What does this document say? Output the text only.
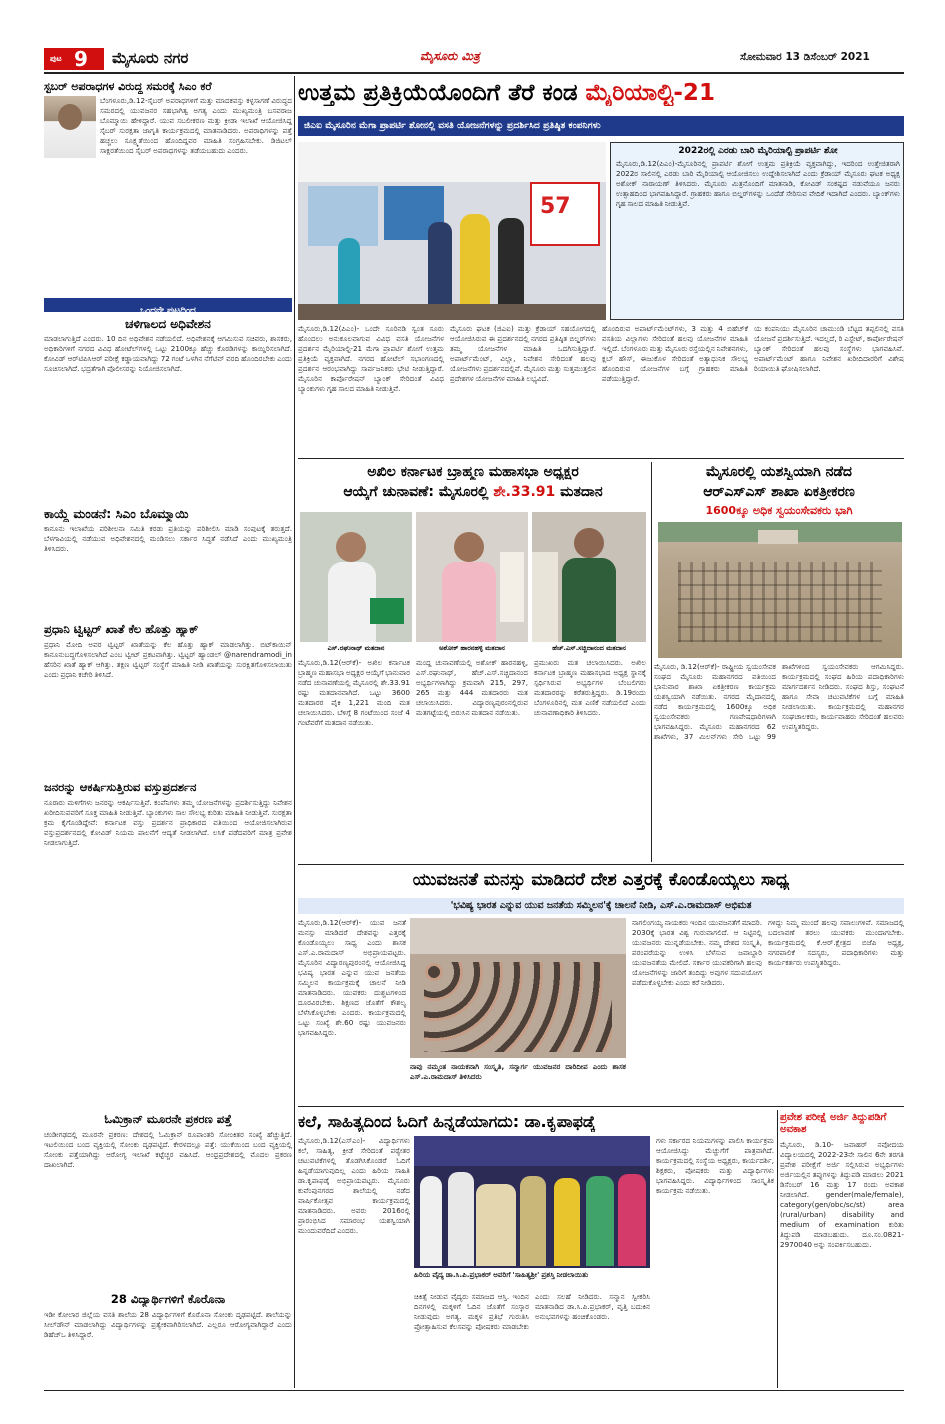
ಪುಟ 9 ಮೈಸೂರು ನಗರ	ಮೈಸೂರು ಮಿತ್ರ	ಸೋಮವಾರ 13 ಡಿಸೆಂಬರ್ 2021
ಸ್ಟಬರ್ ಅಪರಾಧಗಳ ವಿರುದ್ಧ ಸಮರಕ್ಕೆ ಸಿಎಂ ಕರೆ
ಬೆಂಗಳೂರು,ಡಿ.12-ಸೈಬರ್ ಅಪರಾಧಗಳಿಗೆ ಮತ್ತು ಮಾದಕವಸ್ತು ಕಳ್ಳಸಾಗಣೆ ವಿರುದ್ಧದ ಸಮರದಲ್ಲಿ ಯುವಜನರ ಸಹಭಾಗಿತ್ವ ಅಗತ್ಯ ಎಂದು ಮುಖ್ಯಮಂತ್ರಿ ಬಸವರಾಜ ಬೊಮ್ಮಾಯಿ ಹೇಳಿದ್ದಾರೆ. ಯುವ ಸಬಲೀಕರಣ ಮತ್ತು ಕ್ರೀಡಾ ಇಲಾಖೆ ಆಯೋಜಿಸಿದ್ದ ಸೈಬರ್ ಸುರಕ್ಷತಾ ಜಾಗೃತಿ ಕಾರ್ಯಕ್ರಮದಲ್ಲಿ ಮಾತನಾಡಿದರು. ಅಪರಾಧಿಗಳನ್ನು ಪತ್ತೆ ಹಚ್ಚಲು ಸೂಕ್ಷ್ಮತೆಯಿಂದ ಹೊಂದಿದ್ದವರ ಮಾಹಿತಿ ಸಂಗ್ರಹಿಸಬೇಕು. ಡಿಜಿಟಲ್ ಸಾಕ್ಷರತೆಯಿಂದ ಸೈಬರ್ ಅಪರಾಧಗಳನ್ನು ತಡೆಯಬಹುದು ಎಂದರು.
ಒಂದನೇ ಪುಟದಿಂದ
ಚಳಿಗಾಲದ ಅಧಿವೇಶನ
ಮಾಡಲಾಗುತ್ತಿದೆ ಎಂದರು. 10 ದಿನ ಅಧಿವೇಶನ ನಡೆಯಲಿದೆ. ಅಧಿವೇಶನಕ್ಕೆ ಆಗಮಿಸುವ ಸಚಿವರು, ಶಾಸಕರು, ಅಧಿಕಾರಿಗಳಿಗೆ ನಗರದ ವಿವಿಧ ಹೋಟೆಲ್‌ಗಳಲ್ಲಿ ಒಟ್ಟು 2100ಕ್ಕೂ ಹೆಚ್ಚು ಕೊಠಡಿಗಳನ್ನು ಕಾಯ್ದಿರಿಸಲಾಗಿದೆ. ಕೋವಿಡ್ ಆರ್‌ಟಿಪಿಸಿಆರ್ ಪರೀಕ್ಷೆ ಕಡ್ಡಾಯವಾಗಿದ್ದು 72 ಗಂಟೆ ಒಳಗಿನ ನೆಗೆಟಿವ್ ವರದಿ ಹೊಂದಿರಬೇಕು ಎಂದು ಸೂಚಿಸಲಾಗಿದೆ. ಭದ್ರತೆಗಾಗಿ ಪೊಲೀಸರನ್ನು ನಿಯೋಜಿಸಲಾಗಿದೆ.
ಕಾಯ್ದೆ ಮಂಡನೆ: ಸಿಎಂ ಬೊಮ್ಮಾಯಿ
ಕಾನೂನು ಇಲಾಖೆಯ ಪರಿಶೀಲನಾ ಸಮಿತಿ ಕರಡು ಪ್ರತಿಯನ್ನು ಪರಿಶೀಲಿಸಿ ಮಾಡಿ ಸಂಪುಟಕ್ಕೆ ತರುತ್ತದೆ. ಬೆಳಗಾವಿಯಲ್ಲಿ ನಡೆಯುವ ಅಧಿವೇಶನದಲ್ಲಿ ಮಂಡಿಸಲು ಸರ್ಕಾರ ಸಿದ್ಧತೆ ನಡೆಸಿದೆ ಎಂದು ಮುಖ್ಯಮಂತ್ರಿ ತಿಳಿಸಿದರು.
ಪ್ರಧಾನಿ ಟ್ವಿಟ್ಟರ್ ಖಾತೆ ಕೆಲ ಹೊತ್ತು ಹ್ಯಾಕ್
ಪ್ರಧಾನಿ ಮೋದಿ ಅವರ ಟ್ವಿಟ್ಟರ್ ಖಾತೆಯನ್ನು ಕೆಲ ಹೊತ್ತು ಹ್ಯಾಕ್ ಮಾಡಲಾಗಿತ್ತು. ಬಿಟ್‌ಕಾಯಿನ್ ಕಾನೂನುಬದ್ಧಗೊಳಿಸಲಾಗಿದೆ ಎಂಬ ಟ್ವೀಟ್ ಪ್ರಕಟವಾಗಿತ್ತು. ಟ್ವಿಟ್ಟರ್ ಹ್ಯಾಂಡಲ್ @narendramodi_in ಹೆಸರಿನ ಖಾತೆ ಹ್ಯಾಕ್ ಆಗಿತ್ತು. ತಕ್ಷಣ ಟ್ವಿಟ್ಟರ್ ಸಂಸ್ಥೆಗೆ ಮಾಹಿತಿ ನೀಡಿ ಖಾತೆಯನ್ನು ಸುರಕ್ಷಿತಗೊಳಿಸಲಾಯಿತು ಎಂದು ಪ್ರಧಾನಿ ಕಚೇರಿ ತಿಳಿಸಿದೆ.
ಜನರನ್ನು ಆಕರ್ಷಿಸುತ್ತಿರುವ ವಸ್ತುಪ್ರದರ್ಶನ
ನೂರಾರು ಮಳಿಗೆಗಳು ಜನರನ್ನು ಆಕರ್ಷಿಸುತ್ತಿವೆ. ಕಂಪೆನಿಗಳು ತಮ್ಮ ಯೋಜನೆಗಳನ್ನು ಪ್ರದರ್ಶಿಸುತ್ತಿದ್ದು ನಿವೇಶನ ಖರೀದಿಸುವವರಿಗೆ ಸೂಕ್ತ ಮಾಹಿತಿ ನೀಡುತ್ತಿವೆ. ಬ್ಯಾಂಕುಗಳು ಸಾಲ ಸೌಲಭ್ಯ ಕುರಿತು ಮಾಹಿತಿ ನೀಡುತ್ತಿವೆ. ಸುರಕ್ಷತಾ ಕ್ರಮ ಕೈಗೊಂಡಿದ್ದೇವೆ: ಕರ್ನಾಟಕ ವಸ್ತು ಪ್ರದರ್ಶನ ಪ್ರಾಧಿಕಾರದ ವತಿಯಿಂದ ಆಯೋಜಿಸಲಾಗಿರುವ ವಸ್ತುಪ್ರದರ್ಶನದಲ್ಲಿ ಕೋವಿಡ್ ನಿಯಮ ಪಾಲನೆಗೆ ಆದ್ಯತೆ ನೀಡಲಾಗಿದೆ. ಲಸಿಕೆ ಪಡೆದವರಿಗೆ ಮಾತ್ರ ಪ್ರವೇಶ ನೀಡಲಾಗುತ್ತಿದೆ.
ಓಮಿಕ್ರಾನ್ ಮೂರನೇ ಪ್ರಕರಣ ಪತ್ತೆ
ಚಂಡೀಗಢದಲ್ಲಿ ಮೂರನೇ ಪ್ರಕರಣ: ದೇಶದಲ್ಲಿ ಓಮಿಕ್ರಾನ್ ರೂಪಾಂತರಿ ಸೋಂಕಿತರ ಸಂಖ್ಯೆ ಹೆಚ್ಚುತ್ತಿದೆ. ಇಟಲಿಯಿಂದ ಬಂದ ವ್ಯಕ್ತಿಯಲ್ಲಿ ಸೋಂಕು ದೃಢಪಟ್ಟಿದೆ. ಕೇರಳದಲ್ಲೂ ಪತ್ತೆ: ಯುಕೆಯಿಂದ ಬಂದ ವ್ಯಕ್ತಿಯಲ್ಲಿ ಸೋಂಕು ಪತ್ತೆಯಾಗಿದ್ದು ಆರೋಗ್ಯ ಇಲಾಖೆ ಕಟ್ಟೆಚ್ಚರ ವಹಿಸಿದೆ. ಆಂಧ್ರಪ್ರದೇಶದಲ್ಲಿ ಮೊದಲ ಪ್ರಕರಣ ದಾಖಲಾಗಿದೆ.
28 ವಿದ್ಯಾರ್ಥಿಗಳಿಗೆ ಕೊರೊನಾ
ಇಡೀ ಕೋಲಾರ ಜಿಲ್ಲೆಯ ವಸತಿ ಶಾಲೆಯ 28 ವಿದ್ಯಾರ್ಥಿಗಳಿಗೆ ಕೊರೊನಾ ಸೋಂಕು ದೃಢಪಟ್ಟಿದೆ. ಶಾಲೆಯನ್ನು ಸೀಲ್‌ಡೌನ್ ಮಾಡಲಾಗಿದ್ದು ವಿದ್ಯಾರ್ಥಿಗಳನ್ನು ಪ್ರತ್ಯೇಕವಾಗಿರಿಸಲಾಗಿದೆ. ಎಲ್ಲರೂ ಆರೋಗ್ಯವಾಗಿದ್ದಾರೆ ಎಂದು ಡಿಹೆಚ್‌ಒ ತಿಳಿಸಿದ್ದಾರೆ.
ಉತ್ತಮ ಪ್ರತಿಕ್ರಿಯೆಯೊಂದಿಗೆ ತೆರೆ ಕಂಡ ಮೈರಿಯಾಲ್ಟಿ-21
ಜಿಎಐ ಮೈಸೂರಿನ ಮೆಗಾ ಪ್ರಾಪರ್ಟಿ ಶೋನಲ್ಲಿ ವಸತಿ ಯೋಜನೆಗಳನ್ನು ಪ್ರದರ್ಶಿಸಿದ ಪ್ರತಿಷ್ಠಿತ ಕಂಪನಿಗಳು
57
2022ರಲ್ಲಿ ಎರಡು ಬಾರಿ ಮೈರಿಯಾಲ್ಟಿ ಪ್ರಾಪರ್ಟಿ ಶೋ
ಮೈಸೂರು,ಡಿ.12(ಪಿಎಂ)-ಮೈಸೂರಿನಲ್ಲಿ ಪ್ರಾಪರ್ಟಿ ಶೋಗೆ ಉತ್ತಮ ಪ್ರತಿಕ್ರಿಯೆ ವ್ಯಕ್ತವಾಗಿದ್ದು, ಇದರಿಂದ ಉತ್ತೇಜಿತರಾಗಿ 2022ರ ಸಾಲಿನಲ್ಲಿ ಎರಡು ಬಾರಿ ಮೈರಿಯಾಲ್ಟಿ ಆಯೋಜಿಸಲು ಉದ್ದೇಶಿಸಲಾಗಿದೆ ಎಂದು ಕ್ರೆಡಾಯ್ ಮೈಸೂರು ಘಟಕ ಅಧ್ಯಕ್ಷ ಅಶೋಕ್ ನಾರಾಯಣ್ ತಿಳಿಸಿದರು. ಮೈಸೂರು ಮಿತ್ರನೊಂದಿಗೆ ಮಾತನಾಡಿ, ಕೋವಿಡ್ ಸಂಕಷ್ಟದ ನಡುವೆಯೂ ಜನರು ಉತ್ಸಾಹದಿಂದ ಭಾಗವಹಿಸಿದ್ದಾರೆ. ಗ್ರಾಹಕರು ಹಾಗೂ ಬಿಲ್ಡರ್‌ಗಳನ್ನು ಒಂದೆಡೆ ಸೇರಿಸುವ ವೇದಿಕೆ ಇದಾಗಿದೆ ಎಂದರು. ಬ್ಯಾಂಕ್‌ಗಳು ಗೃಹ ಸಾಲದ ಮಾಹಿತಿ ನೀಡುತ್ತಿವೆ.
ಮೈಸೂರು,ಡಿ.12(ಪಿಎಂ)- ಒಂದೇ ಸೂರಿನಡಿ ಸ್ವಂತ ಸೂರು ಹೊಂದಲು ಅನುಕೂಲವಾಗುವ ವಿವಿಧ ವಸತಿ ಯೋಜನೆಗಳ ಪ್ರದರ್ಶನ ಮೈರಿಯಾಲ್ಟಿ-21 ಮೆಗಾ ಪ್ರಾಪರ್ಟಿ ಶೋಗೆ ಉತ್ತಮ ಪ್ರತಿಕ್ರಿಯೆ ವ್ಯಕ್ತವಾಗಿದೆ. ನಗರದ ಹೋಟೆಲ್ ಸಭಾಂಗಣದಲ್ಲಿ ಪ್ರದರ್ಶನ ಆರಂಭವಾಗಿದ್ದು ಸಾರ್ವಜನಿಕರು ಭೇಟಿ ನೀಡುತ್ತಿದ್ದಾರೆ. ಮೈಸೂರಿನ ಕಾರ್ಪೊರೇಷನ್ ಬ್ಯಾಂಕ್ ಸೇರಿದಂತೆ ವಿವಿಧ ಬ್ಯಾಂಕುಗಳು ಗೃಹ ಸಾಲದ ಮಾಹಿತಿ ನೀಡುತ್ತಿವೆ.
ಮೈಸೂರು ಘಟಕ (ಜಿಎಐ) ಮತ್ತು ಕ್ರೆಡಾಯ್ ಸಹಯೋಗದಲ್ಲಿ ಆಯೋಜಿಸಿರುವ ಈ ಪ್ರದರ್ಶನದಲ್ಲಿ ನಗರದ ಪ್ರತಿಷ್ಠಿತ ಬಿಲ್ಡರ್‌ಗಳು ತಮ್ಮ ಯೋಜನೆಗಳ ಮಾಹಿತಿ ಒದಗಿಸುತ್ತಿದ್ದಾರೆ. ಅಪಾರ್ಟ್‌ಮೆಂಟ್, ವಿಲ್ಲಾ, ನಿವೇಶನ ಸೇರಿದಂತೆ ಹಲವು ಯೋಜನೆಗಳು ಪ್ರದರ್ಶನದಲ್ಲಿವೆ. ಮೈಸೂರು ಮತ್ತು ಸುತ್ತಮುತ್ತಲಿನ ಪ್ರದೇಶಗಳ ಯೋಜನೆಗಳ ಮಾಹಿತಿ ಲಭ್ಯವಿದೆ.
ಹೊಂದಿರುವ ಅಪಾರ್ಟ್‌ಮೆಂಟ್‌ಗಳು, 3 ಮತ್ತು 4 ಬಿಹೆಚ್‌ಕೆ ವಸತಿಯ ವಿಲ್ಲಾಗಳು ಸೇರಿದಂತೆ ಹಲವು ಯೋಜನೆಗಳ ಮಾಹಿತಿ ಇಲ್ಲಿದೆ. ಬೆಂಗಳೂರು ಮತ್ತು ಮೈಸೂರು ರಸ್ತೆಯಲ್ಲಿನ ನಿವೇಶನಗಳು, ಕ್ಲಬ್ ಹೌಸ್, ಈಜುಕೊಳ ಸೇರಿದಂತೆ ಅತ್ಯಾಧುನಿಕ ಸೌಲಭ್ಯ ಹೊಂದಿರುವ ಯೋಜನೆಗಳ ಬಗ್ಗೆ ಗ್ರಾಹಕರು ಮಾಹಿತಿ ಪಡೆಯುತ್ತಿದ್ದಾರೆ.
ಯ ಕಂಪನಿಯು ಮೈಸೂರಿನ ಚಾಮುಂಡಿ ಬೆಟ್ಟದ ತಪ್ಪಲಿನಲ್ಲಿ ವಸತಿ ಯೋಜನೆ ಪ್ರದರ್ಶಿಸುತ್ತಿದೆ. ಇದಲ್ಲದೆ, ರಿ ಎಸ್ಟೇಟ್, ಕಾರ್ಪೋರೇಷನ್ ಬ್ಯಾಂಕ್ ಸೇರಿದಂತೆ ಹಲವು ಸಂಸ್ಥೆಗಳು ಭಾಗವಹಿಸಿವೆ. ಅಪಾರ್ಟ್‌ಮೆಂಟ್ ಹಾಗೂ ನಿವೇಶನ ಖರೀದಿದಾರರಿಗೆ ವಿಶೇಷ ರಿಯಾಯಿತಿ ಘೋಷಿಸಲಾಗಿದೆ.
ಅಖಿಲ ಕರ್ನಾಟಕ ಬ್ರಾಹ್ಮಣ ಮಹಾಸಭಾ ಅಧ್ಯಕ್ಷರ
ಆಯ್ಕೆಗೆ ಚುನಾವಣೆ: ಮೈಸೂರಲ್ಲಿ ಶೇ.33.91 ಮತದಾನ
ಎಸ್.ರಘುನಾಥ್ ಮತದಾನ	ಅಶೋಕ್ ಹಾರನಹಳ್ಳಿ ಮತದಾನ	ಹೆಚ್.ಎಸ್.ಸಚ್ಚಿದಾನಂದ ಮತದಾನ
ಮೈಸೂರು,ಡಿ.12(ಆರ್‌ಕೆ)- ಅಖಿಲ ಕರ್ನಾಟಕ ಬ್ರಾಹ್ಮಣ ಮಹಾಸಭಾ ಅಧ್ಯಕ್ಷರ ಆಯ್ಕೆಗೆ ಭಾನುವಾರ ನಡೆದ ಚುನಾವಣೆಯಲ್ಲಿ ಮೈಸೂರಲ್ಲಿ ಶೇ.33.91 ರಷ್ಟು ಮತದಾನವಾಗಿದೆ. ಒಟ್ಟು 3600 ಮತದಾರರ ಪೈಕಿ 1,221 ಮಂದಿ ಮತ ಚಲಾಯಿಸಿದರು. ಬೆಳಿಗ್ಗೆ 8 ಗಂಟೆಯಿಂದ ಸಂಜೆ 4 ಗಂಟೆವರೆಗೆ ಮತದಾನ ನಡೆಯಿತು.
ಮಂದ್ದ ಚುನಾವಣೆಯಲ್ಲಿ ಅಶೋಕ್ ಹಾರನಹಳ್ಳಿ, ಎಸ್.ರಘುನಾಥ್, ಹೆಚ್.ಎಸ್.ಸಚ್ಚಿದಾನಂದ ಅಭ್ಯರ್ಥಿಗಳಾಗಿದ್ದು ಕ್ರಮವಾಗಿ 215, 297, 265 ಮತ್ತು 444 ಮತದಾರರು ಮತ ಚಲಾಯಿಸಿದರು. ವಿದ್ಯಾರಣ್ಯಪುರಂನಲ್ಲಿರುವ ಮತಗಟ್ಟೆಯಲ್ಲಿ ಬಿರುಸಿನ ಮತದಾನ ನಡೆಯಿತು.
ಪ್ರಮುಖರು ಮತ ಚಲಾಯಿಸಿದರು. ಅಖಿಲ ಕರ್ನಾಟಕ ಬ್ರಾಹ್ಮಣ ಮಹಾಸಭಾದ ಅಧ್ಯಕ್ಷ ಸ್ಥಾನಕ್ಕೆ ಸ್ಪರ್ಧಿಸಿರುವ ಅಭ್ಯರ್ಥಿಗಳ ಬೆಂಬಲಿಗರು ಮತದಾರರನ್ನು ಕರೆತರುತ್ತಿದ್ದರು. ಡಿ.19ರಂದು ಬೆಂಗಳೂರಿನಲ್ಲಿ ಮತ ಎಣಿಕೆ ನಡೆಯಲಿದೆ ಎಂದು ಚುನಾವಣಾಧಿಕಾರಿ ತಿಳಿಸಿದರು.
ಮೈಸೂರಲ್ಲಿ ಯಶಸ್ವಿಯಾಗಿ ನಡೆದ
ಆರ್‌ಎಸ್‌ಎಸ್ ಶಾಖಾ ಏಕತ್ರೀಕರಣ
1600ಕ್ಕೂ ಅಧಿಕ ಸ್ವಯಂಸೇವಕರು ಭಾಗಿ
ಮೈಸೂರು, ಡಿ.12(ಆರ್‌ಕೆ)- ರಾಷ್ಟ್ರೀಯ ಸ್ವಯಂಸೇವಕ ಸಂಘದ ಮೈಸೂರು ಮಹಾನಗರದ ವತಿಯಿಂದ ಭಾನುವಾರ ಶಾಖಾ ಏಕತ್ರೀಕರಣ ಕಾರ್ಯಕ್ರಮ ಯಶಸ್ವಿಯಾಗಿ ನಡೆಯಿತು. ನಗರದ ಮೈದಾನದಲ್ಲಿ ನಡೆದ ಕಾರ್ಯಕ್ರಮದಲ್ಲಿ 1600ಕ್ಕೂ ಅಧಿಕ ಸ್ವಯಂಸೇವಕರು ಗಣವೇಷಧಾರಿಗಳಾಗಿ ಭಾಗವಹಿಸಿದ್ದರು. ಮೈಸೂರು ಮಹಾನಗರದ 62 ಶಾಖೆಗಳು, 37 ಮಿಲನ್‌ಗಳು ಸೇರಿ ಒಟ್ಟು 99 ಶಾಖೆಗಳಿಂದ ಸ್ವಯಂಸೇವಕರು ಆಗಮಿಸಿದ್ದರು. ಕಾರ್ಯಕ್ರಮದಲ್ಲಿ ಸಂಘದ ಹಿರಿಯ ಪದಾಧಿಕಾರಿಗಳು ಮಾರ್ಗದರ್ಶನ ನೀಡಿದರು. ಸಂಘದ ಶಿಸ್ತು, ಸಂಘಟನೆ ಹಾಗೂ ಸೇವಾ ಚಟುವಟಿಕೆಗಳ ಬಗ್ಗೆ ಮಾಹಿತಿ ನೀಡಲಾಯಿತು. ಕಾರ್ಯಕ್ರಮದಲ್ಲಿ ಮಹಾನಗರ ಸಂಘಚಾಲಕರು, ಕಾರ್ಯವಾಹರು ಸೇರಿದಂತೆ ಹಲವರು ಉಪಸ್ಥಿತರಿದ್ದರು.
ಯುವಜನತೆ ಮನಸ್ಸು ಮಾಡಿದರೆ ದೇಶ ಎತ್ತರಕ್ಕೆ ಕೊಂಡೊಯ್ಯಲು ಸಾಧ್ಯ
'ಭವಿಷ್ಯ ಭಾರತ ಎನ್ನುವ ಯುವ ಜನತೆಯ ಸಮ್ಮಿಲನ'ಕ್ಕೆ ಚಾಲನೆ ನೀಡಿ, ಎಸ್.ಎ.ರಾಮದಾಸ್ ಅಭಿಮತ
ಮೈಸೂರು,ಡಿ.12(ಆರ್‌ಕೆ)- ಯುವ ಜನತೆ ಮನಸ್ಸು ಮಾಡಿದರೆ ದೇಶವನ್ನು ಎತ್ತರಕ್ಕೆ ಕೊಂಡೊಯ್ಯಲು ಸಾಧ್ಯ ಎಂದು ಶಾಸಕ ಎಸ್.ಎ.ರಾಮದಾಸ್ ಅಭಿಪ್ರಾಯಪಟ್ಟರು. ಮೈಸೂರಿನ ವಿದ್ಯಾರಣ್ಯಪುರಂನಲ್ಲಿ ಆಯೋಜಿಸಿದ್ದ ಭವಿಷ್ಯ ಭಾರತ ಎನ್ನುವ ಯುವ ಜನತೆಯ ಸಮ್ಮಿಲನ ಕಾರ್ಯಕ್ರಮಕ್ಕೆ ಚಾಲನೆ ನೀಡಿ ಮಾತನಾಡಿದರು. ಯುವಕರು ದುಶ್ಚಟಗಳಿಂದ ದೂರವಿರಬೇಕು. ಶಿಕ್ಷಣದ ಜೊತೆಗೆ ಕೌಶಲ್ಯ ಬೆಳೆಸಿಕೊಳ್ಳಬೇಕು ಎಂದರು. ಕಾರ್ಯಕ್ರಮದಲ್ಲಿ ಒಟ್ಟು ಸಂಖ್ಯೆ ಶೇ.60 ರಷ್ಟು ಯುವಜನರು ಭಾಗವಹಿಸಿದ್ದರು.
ನಾವು ನಮ್ಮಂತ ನಾಯಕನಾಗಿ ಸಂಸ್ಕೃತಿ, ಸನ್ಮಾರ್ಗ ಯುವಜನರ ದಾರಿದೀಪ ಎಂದು ಶಾಸಕ ಎಸ್.ಎ.ರಾಮದಾಸ್ ತಿಳಿಸಿದರು
ನಾಗಲಿಂಗಯ್ಯ ನಾಯಕರು ಇಂದಿನ ಯುವಜನತೆಗೆ ಮಾದರಿ. 2030ಕ್ಕೆ ಭಾರತ ವಿಶ್ವ ಗುರುವಾಗಲಿದೆ. ಆ ನಿಟ್ಟಿನಲ್ಲಿ ಯುವಜನರು ಮುನ್ನಡೆಯಬೇಕು. ನಮ್ಮ ದೇಶದ ಸಂಸ್ಕೃತಿ, ಪರಂಪರೆಯನ್ನು ಉಳಿಸಿ ಬೆಳೆಸುವ ಜವಾಬ್ದಾರಿ ಯುವಜನತೆಯ ಮೇಲಿದೆ. ಸರ್ಕಾರ ಯುವಕರಿಗಾಗಿ ಹಲವು ಯೋಜನೆಗಳನ್ನು ಜಾರಿಗೆ ತಂದಿದ್ದು ಅವುಗಳ ಸದುಪಯೋಗ ಪಡೆದುಕೊಳ್ಳಬೇಕು ಎಂದು ಕರೆ ನೀಡಿದರು.
ಗಳಿದ್ದು ನಿಮ್ಮ ಮುಂದೆ ಹಲವು ಸವಾಲುಗಳಿವೆ. ಸಮಾಜದಲ್ಲಿ ಬದಲಾವಣೆ ತರಲು ಯುವಕರು ಮುಂದಾಗಬೇಕು. ಕಾರ್ಯಕ್ರಮದಲ್ಲಿ ಕೆ.ಆರ್.ಕ್ಷೇತ್ರದ ಬಿಜೆಪಿ ಅಧ್ಯಕ್ಷ, ನಗರಪಾಲಿಕೆ ಸದಸ್ಯರು, ಪದಾಧಿಕಾರಿಗಳು ಮತ್ತು ಕಾರ್ಯಕರ್ತರು ಉಪಸ್ಥಿತರಿದ್ದರು.
ಕಲೆ, ಸಾಹಿತ್ಯದಿಂದ ಓದಿಗೆ ಹಿನ್ನಡೆಯಾಗದು: ಡಾ.ಕೃಪಾಫಡ್ಕೆ
ಮೈಸೂರು,ಡಿ.12(ಎಸ್‌ಎಂ)- ವಿದ್ಯಾರ್ಥಿಗಳು ಕಲೆ, ಸಾಹಿತ್ಯ, ಕ್ರೀಡೆ ಸೇರಿದಂತೆ ಪಠ್ಯೇತರ ಚಟುವಟಿಕೆಗಳಲ್ಲಿ ತೊಡಗಿಸಿಕೊಂಡರೆ ಓದಿಗೆ ಹಿನ್ನಡೆಯಾಗುವುದಿಲ್ಲ ಎಂದು ಹಿರಿಯ ಸಾಹಿತಿ ಡಾ.ಕೃಪಾಫಡ್ಕೆ ಅಭಿಪ್ರಾಯಪಟ್ಟರು. ಮೈಸೂರು ಕುವೆಂಪುನಗರದ ಶಾಲೆಯಲ್ಲಿ ನಡೆದ ವಾರ್ಷಿಕೋತ್ಸವ ಕಾರ್ಯಕ್ರಮದಲ್ಲಿ ಮಾತನಾಡಿದರು. ಅವರು 2016ರಲ್ಲಿ ಪ್ರಾರಂಭಿಸಿದ ಸಮಾರಂಭ ಯಶಸ್ವಿಯಾಗಿ ಮುಂದುವರೆದಿದೆ ಎಂದರು.
ಹಿರಿಯ ವೈದ್ಯ ಡಾ.ಸಿ.ಪಿ.ಪ್ರಭಾಕರ್ ಅವರಿಗೆ 'ಸಾಹಿತ್ಯಶ್ರೀ' ಪ್ರಶಸ್ತಿ ನೀಡಲಾಯಿತು
ಚಿಕಿತ್ಸೆ ನೀಡುವ ವೈದ್ಯರು ಸಮಾಜದ ಆಸ್ತಿ. ಇಂದಿನ ದಿನಗಳಲ್ಲಿ ಮಕ್ಕಳಿಗೆ ಓದಿನ ಜೊತೆಗೆ ಸಂಸ್ಕಾರ ನೀಡುವುದು ಅಗತ್ಯ. ಮಕ್ಕಳ ಪ್ರತಿಭೆ ಗುರುತಿಸಿ ಪ್ರೋತ್ಸಾಹಿಸುವ ಕೆಲಸವನ್ನು ಪೋಷಕರು ಮಾಡಬೇಕು ಎಂದು ಸಲಹೆ ನೀಡಿದರು. ಸನ್ಮಾನ ಸ್ವೀಕರಿಸಿ ಮಾತನಾಡಿದ ಡಾ.ಸಿ.ಪಿ.ಪ್ರಭಾಕರ್, ವೃತ್ತಿ ಬದುಕಿನ ಅನುಭವಗಳನ್ನು ಹಂಚಿಕೊಂಡರು.
ಗಳು ಸರ್ಕಾರದ ನಿಯಮಗಳನ್ನು ಪಾಲಿಸಿ ಕಾರ್ಯಕ್ರಮ ಆಯೋಜಿಸಿದ್ದು ಮೆಚ್ಚುಗೆಗೆ ಪಾತ್ರವಾಗಿದೆ. ಕಾರ್ಯಕ್ರಮದಲ್ಲಿ ಸಂಸ್ಥೆಯ ಅಧ್ಯಕ್ಷರು, ಕಾರ್ಯದರ್ಶಿ, ಶಿಕ್ಷಕರು, ಪೋಷಕರು ಮತ್ತು ವಿದ್ಯಾರ್ಥಿಗಳು ಭಾಗವಹಿಸಿದ್ದರು. ವಿದ್ಯಾರ್ಥಿಗಳಿಂದ ಸಾಂಸ್ಕೃತಿಕ ಕಾರ್ಯಕ್ರಮ ನಡೆಯಿತು.
ಪ್ರವೇಶ ಪರೀಕ್ಷೆ ಅರ್ಜಿ ತಿದ್ದುಪಡಿಗೆ ಅವಕಾಶ
ಮೈಸೂರು, ಡಿ.10- ಜವಾಹರ್ ನವೋದಯ ವಿದ್ಯಾಲಯದಲ್ಲಿ 2022-23ನೇ ಸಾಲಿನ 6ನೇ ತರಗತಿ ಪ್ರವೇಶ ಪರೀಕ್ಷೆಗೆ ಅರ್ಜಿ ಸಲ್ಲಿಸಿರುವ ಅಭ್ಯರ್ಥಿಗಳು ಅರ್ಜಿಯಲ್ಲಿನ ತಪ್ಪುಗಳನ್ನು ತಿದ್ದುಪಡಿ ಮಾಡಲು 2021 ಡಿಸೆಂಬರ್ 16 ಮತ್ತು 17 ರಂದು ಅವಕಾಶ ನೀಡಲಾಗಿದೆ. gender(male/female), category(gen/obc/sc/st) area (rural/urban) disability and medium of examination ಕುರಿತು ತಿದ್ದುಪಡಿ ಮಾಡಬಹುದು. ದೂ.ಸಂ.0821-2970040 ಅನ್ನು ಸಂಪರ್ಕಿಸಬಹುದು.
